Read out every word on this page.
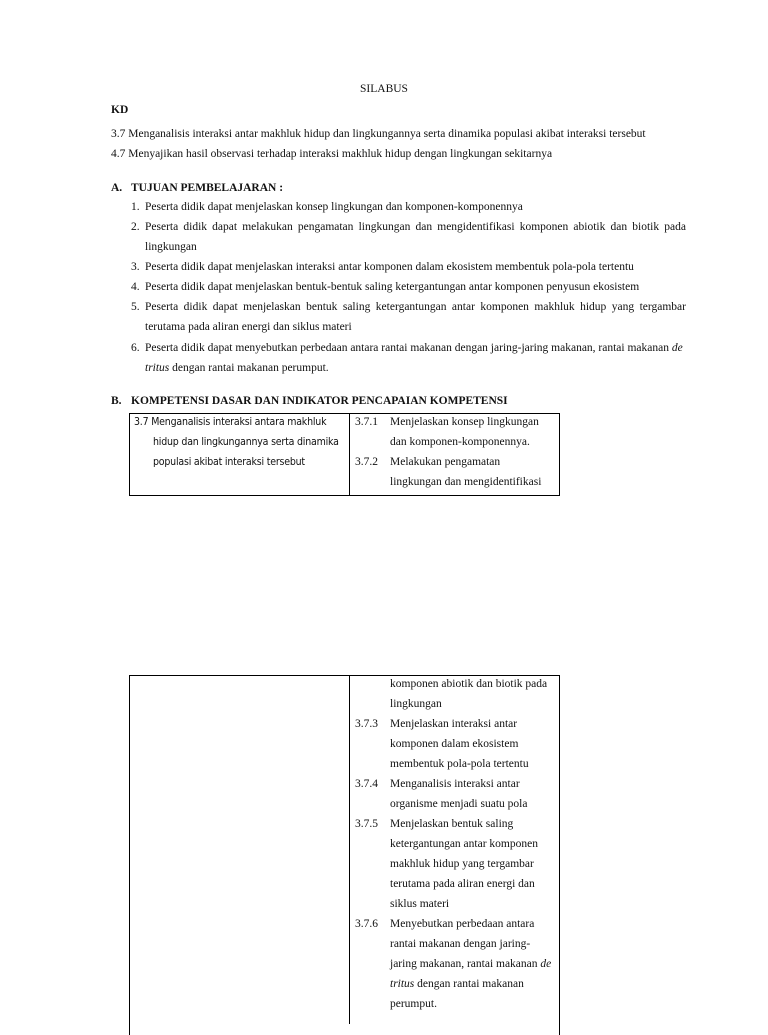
SILABUS
KD
3.7 Menganalisis interaksi antar makhluk hidup dan lingkungannya serta dinamika populasi akibat interaksi tersebut
4.7 Menyajikan hasil observasi terhadap interaksi makhluk hidup dengan lingkungan sekitarnya
A. TUJUAN PEMBELAJARAN :
1. Peserta didik dapat menjelaskan konsep lingkungan dan komponen-komponennya
2. Peserta didik dapat melakukan pengamatan lingkungan dan mengidentifikasi komponen abiotik dan biotik pada
lingkungan
3. Peserta didik dapat menjelaskan interaksi antar komponen dalam ekosistem membentuk pola-pola tertentu
4. Peserta didik dapat menjelaskan bentuk-bentuk saling ketergantungan antar komponen penyusun ekosistem
5. Peserta didik dapat menjelaskan bentuk saling ketergantungan antar komponen makhluk hidup yang tergambar
terutama pada aliran energi dan siklus materi
6. Peserta didik dapat menyebutkan perbedaan antara rantai makanan dengan jaring-jaring makanan, rantai makanan de
tritus dengan rantai makanan perumput.
B. KOMPETENSI DASAR DAN INDIKATOR PENCAPAIAN KOMPETENSI
3.7 Menganalisis interaksi antara makhluk
hidup dan lingkungannya serta dinamika
populasi akibat interaksi tersebut
3.7.1 Menjelaskan konsep lingkungan
dan komponen-komponennya.
3.7.2 Melakukan pengamatan
lingkungan dan mengidentifikasi
komponen abiotik dan biotik pada
lingkungan
3.7.3 Menjelaskan interaksi antar
komponen dalam ekosistem
membentuk pola-pola tertentu
3.7.4 Menganalisis interaksi antar
organisme menjadi suatu pola
3.7.5 Menjelaskan bentuk saling
ketergantungan antar komponen
makhluk hidup yang tergambar
terutama pada aliran energi dan
siklus materi
3.7.6 Menyebutkan perbedaan antara
rantai makanan dengan jaring-
jaring makanan, rantai makanan de
tritus dengan rantai makanan
perumput.
